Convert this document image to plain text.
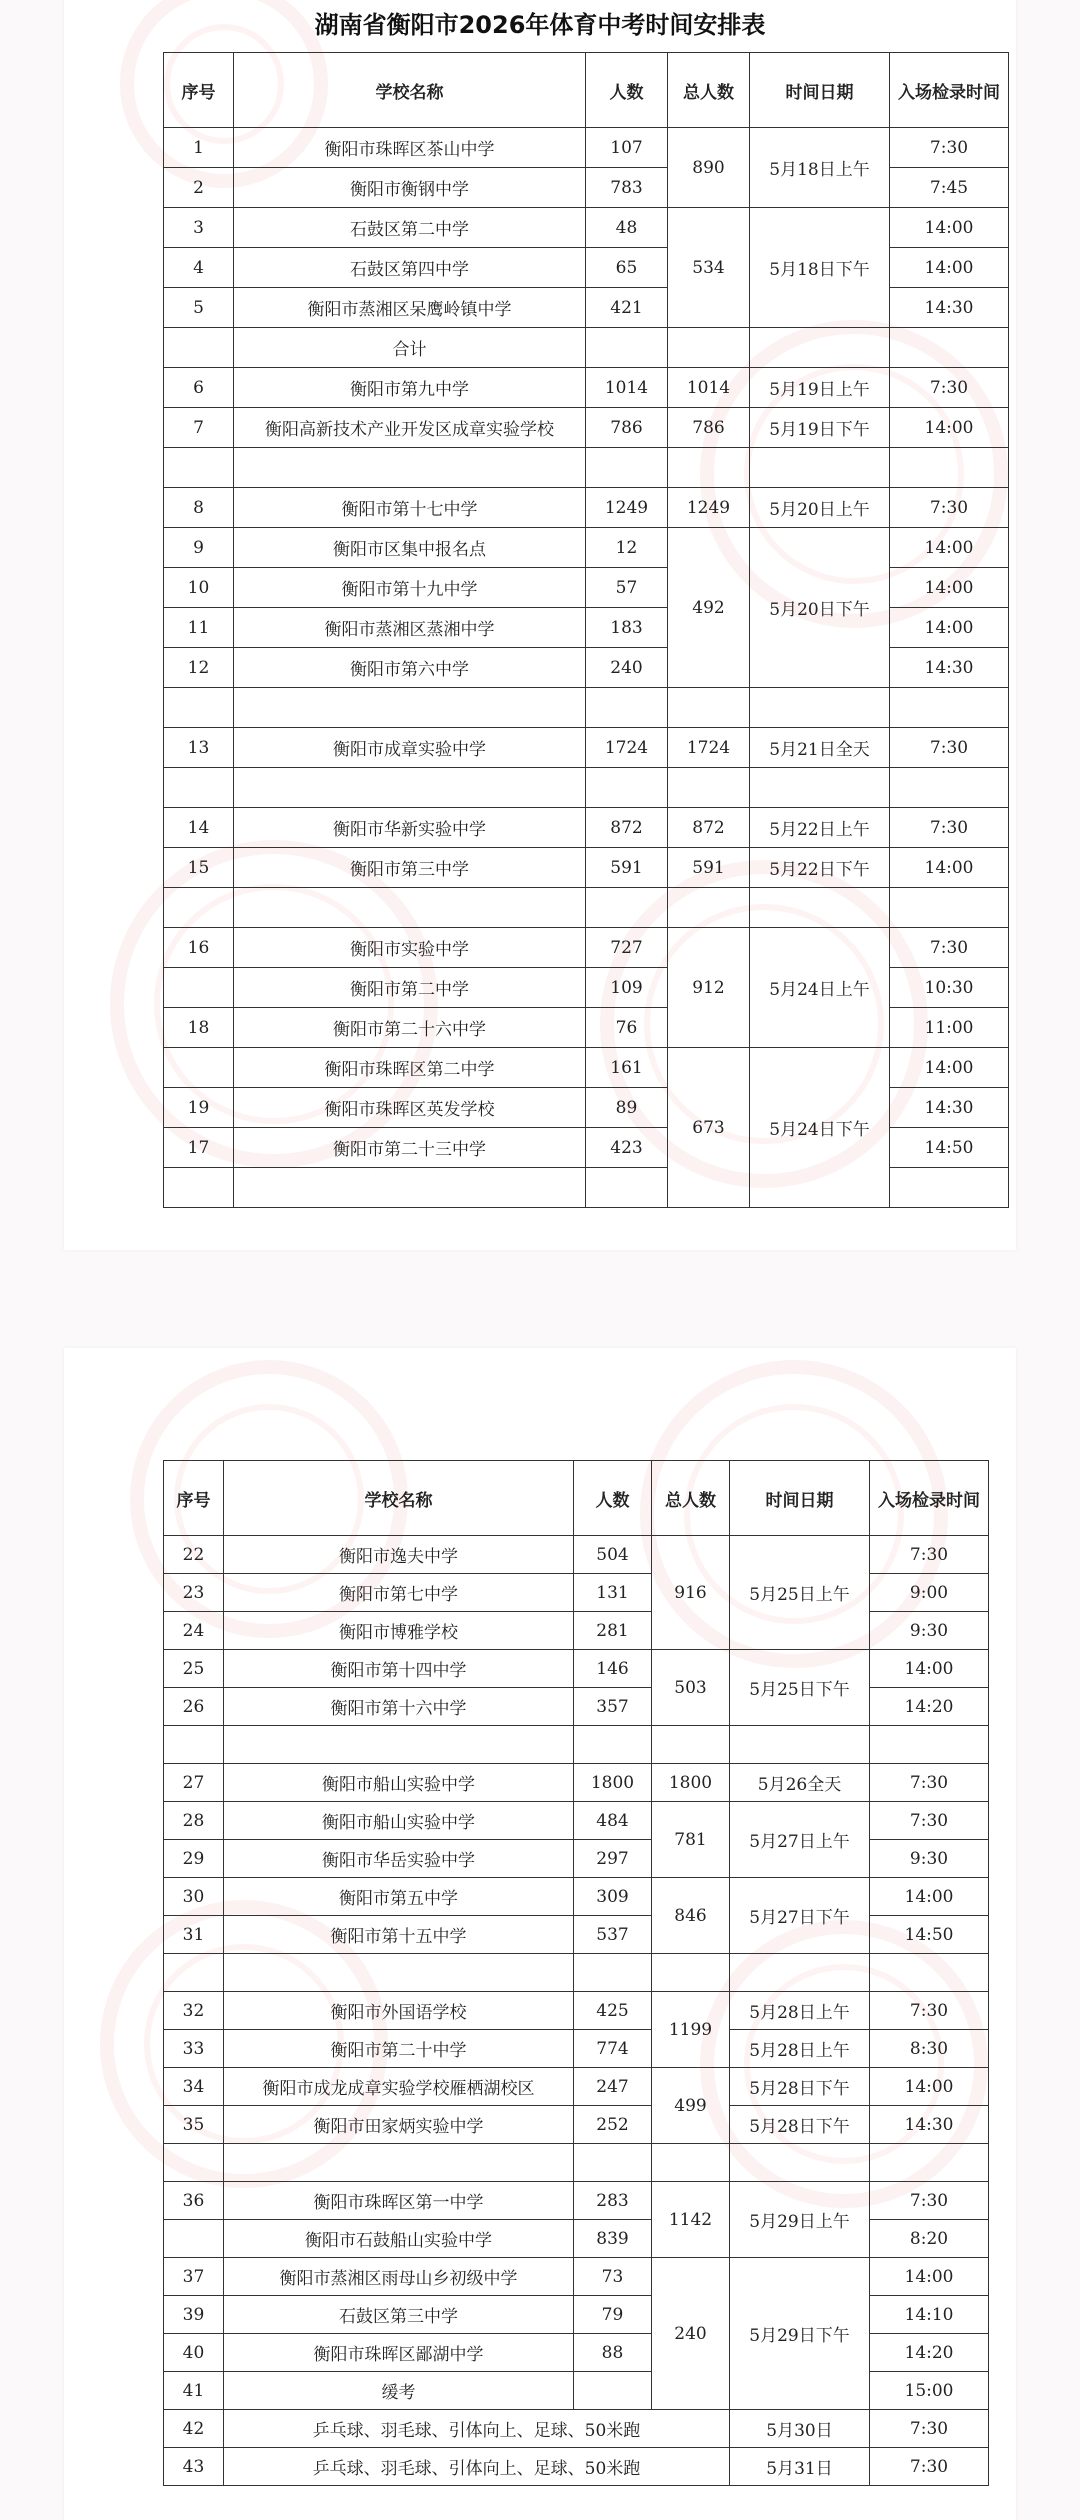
湖南省衡阳市2026年体育中考时间安排表
序号	学校名称	人数	总人数	时间日期	入场检录时间
1	衡阳市珠晖区茶山中学	107	890	5月18日上午	7:30
2	衡阳市衡钢中学	783			7:45
3	石鼓区第二中学	48	534	5月18日下午	14:00
4	石鼓区第四中学	65			14:00
5	衡阳市蒸湘区呆鹰岭镇中学	421			14:30
	合计				
6	衡阳市第九中学	1014	1014	5月19日上午	7:30
7	衡阳高新技术产业开发区成章实验学校	786	786	5月19日下午	14:00

8	衡阳市第十七中学	1249	1249	5月20日上午	7:30
9	衡阳市区集中报名点	12	492	5月20日下午	14:00
10	衡阳市第十九中学	57			14:00
11	衡阳市蒸湘区蒸湘中学	183			14:00
12	衡阳市第六中学	240			14:30

13	衡阳市成章实验中学	1724	1724	5月21日全天	7:30

14	衡阳市华新实验中学	872	872	5月22日上午	7:30
15	衡阳市第三中学	591	591	5月22日下午	14:00

16	衡阳市实验中学	727	912	5月24日上午	7:30
	衡阳市第二中学	109			10:30
18	衡阳市第二十六中学	76			11:00
	衡阳市珠晖区第二中学	161	673	5月24日下午	14:00
19	衡阳市珠晖区英发学校	89			14:30
17	衡阳市第二十三中学	423			14:50

序号	学校名称	人数	总人数	时间日期	入场检录时间
22	衡阳市逸夫中学	504	916	5月25日上午	7:30
23	衡阳市第七中学	131			9:00
24	衡阳市博雅学校	281			9:30
25	衡阳市第十四中学	146	503	5月25日下午	14:00
26	衡阳市第十六中学	357			14:20

27	衡阳市船山实验中学	1800	1800	5月26全天	7:30
28	衡阳市船山实验中学	484	781	5月27日上午	7:30
29	衡阳市华岳实验中学	297			9:30
30	衡阳市第五中学	309	846	5月27日下午	14:00
31	衡阳市第十五中学	537			14:50

32	衡阳市外国语学校	425	1199	5月28日上午	7:30
33	衡阳市第二十中学	774		5月28日上午	8:30
34	衡阳市成龙成章实验学校雁栖湖校区	247	499	5月28日下午	14:00
35	衡阳市田家炳实验中学	252		5月28日下午	14:30

36	衡阳市珠晖区第一中学	283	1142	5月29日上午	7:30
	衡阳市石鼓船山实验中学	839			8:20
37	衡阳市蒸湘区雨母山乡初级中学	73	240	5月29日下午	14:00
39	石鼓区第三中学	79			14:10
40	衡阳市珠晖区鄙湖中学	88			14:20
41	缓考				15:00
42	乒乓球、羽毛球、引体向上、足球、50米跑			5月30日	7:30
43	乒乓球、羽毛球、引体向上、足球、50米跑			5月31日	7:30
